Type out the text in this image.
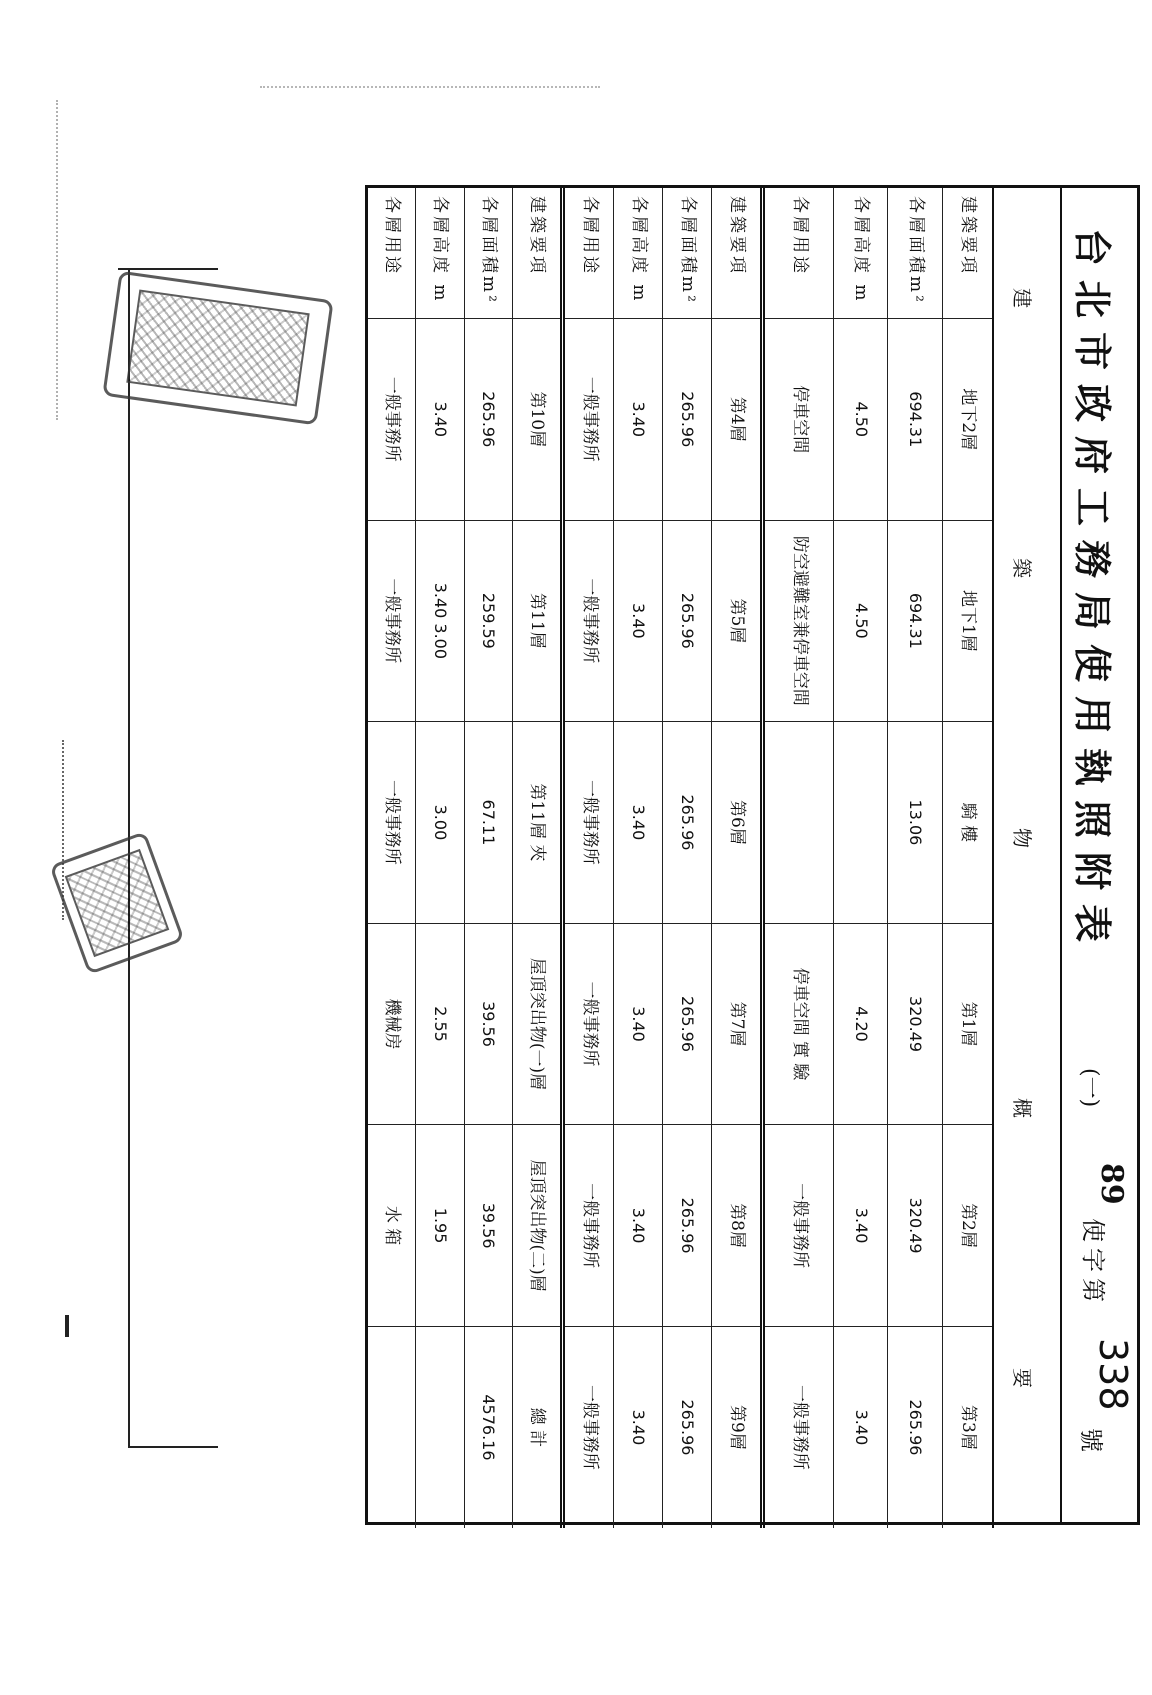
台北市政府工務局使用執照附表
(一)
89
使字第
338
號
建
築
物
概
要
建築要項	地下2層	地下1層	騎 樓	第1層	第2層	第3層
各層面積m²	694.31	694.31	13.06	320.49	320.49	265.96
各層高度 m	4.50	4.50		4.20	3.40	3.40
各層用途	停車空間	防空避難室兼停車空間		停車空間 實 驗	一般事務所	一般事務所
建築要項	第4層	第5層	第6層	第7層	第8層	第9層
各層面積m²	265.96	265.96	265.96	265.96	265.96	265.96
各層高度 m	3.40	3.40	3.40	3.40	3.40	3.40
各層用途	一般事務所	一般事務所	一般事務所	一般事務所	一般事務所	一般事務所
建築要項	第10層	第11層	第11層 夾	屋頂突出物(一)層	屋頂突出物(二)層	總 計
各層面積m²	265.96	259.59	67.11	39.56	39.56	4576.16
各層高度 m	3.40	3.40 3.00	3.00	2.55	1.95	
各層用途	一般事務所	一般事務所	一般事務所	機械房	水 箱	
